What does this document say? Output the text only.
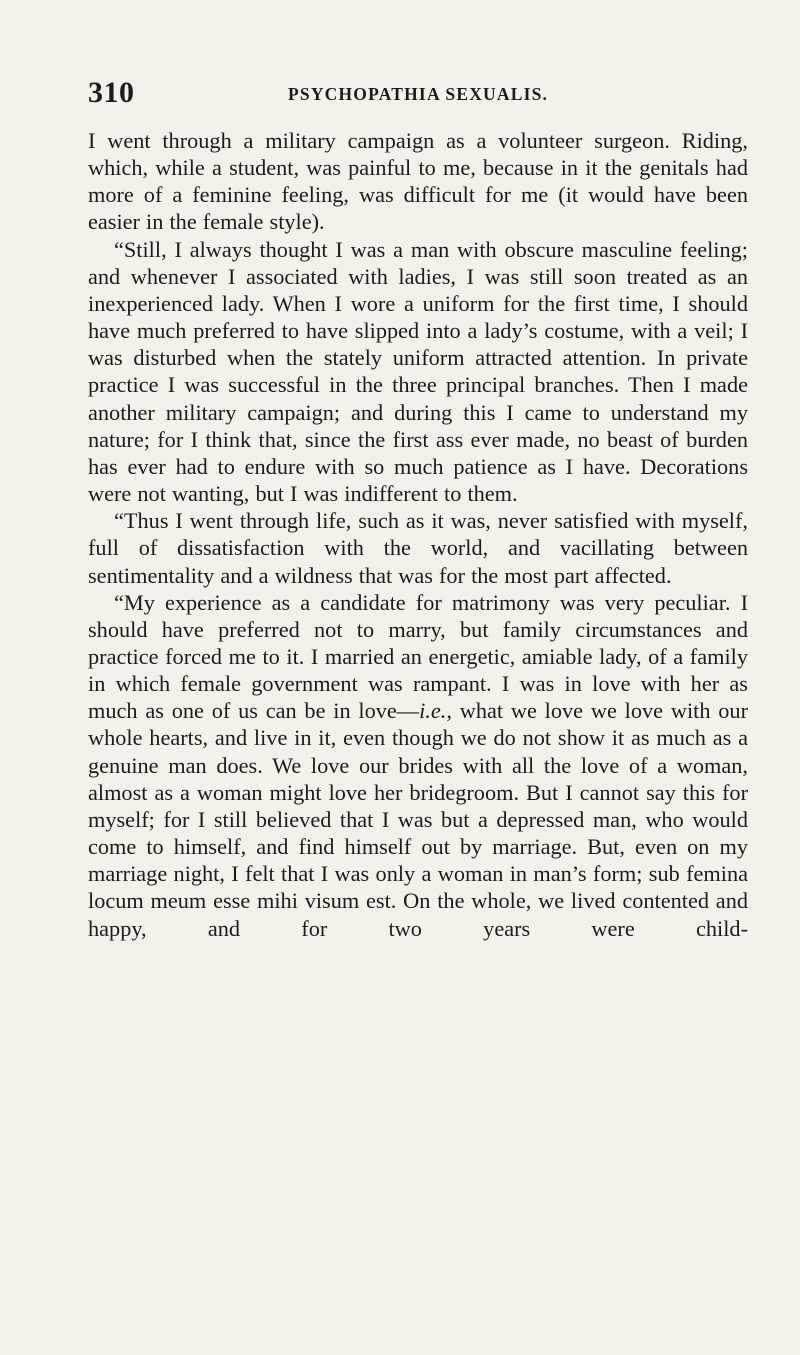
310	PSYCHOPATHIA SEXUALIS.

I went through a military campaign as a volunteer surgeon. Riding, which, while a student, was painful to me, because in it the genitals had more of a feminine feeling, was difficult for me (it would have been easier in the female style).

“Still, I always thought I was a man with obscure masculine feeling; and whenever I associated with ladies, I was still soon treated as an inexperienced lady. When I wore a uniform for the first time, I should have much preferred to have slipped into a lady’s costume, with a veil; I was disturbed when the stately uniform attracted attention. In private practice I was successful in the three principal branches. Then I made another military campaign; and during this I came to understand my nature; for I think that, since the first ass ever made, no beast of burden has ever had to endure with so much patience as I have. Decorations were not wanting, but I was indifferent to them.

“Thus I went through life, such as it was, never satisfied with myself, full of dissatisfaction with the world, and vacillating between sentimentality and a wildness that was for the most part affected.

“My experience as a candidate for matrimony was very peculiar. I should have preferred not to marry, but family circumstances and practice forced me to it. I married an energetic, amiable lady, of a family in which female government was rampant. I was in love with her as much as one of us can be in love—i.e., what we love we love with our whole hearts, and live in it, even though we do not show it as much as a genuine man does. We love our brides with all the love of a woman, almost as a woman might love her bridegroom. But I cannot say this for myself; for I still believed that I was but a depressed man, who would come to himself, and find himself out by marriage. But, even on my marriage night, I felt that I was only a woman in man’s form; sub femina locum meum esse mihi visum est. On the whole, we lived contented and happy, and for two years were child-
